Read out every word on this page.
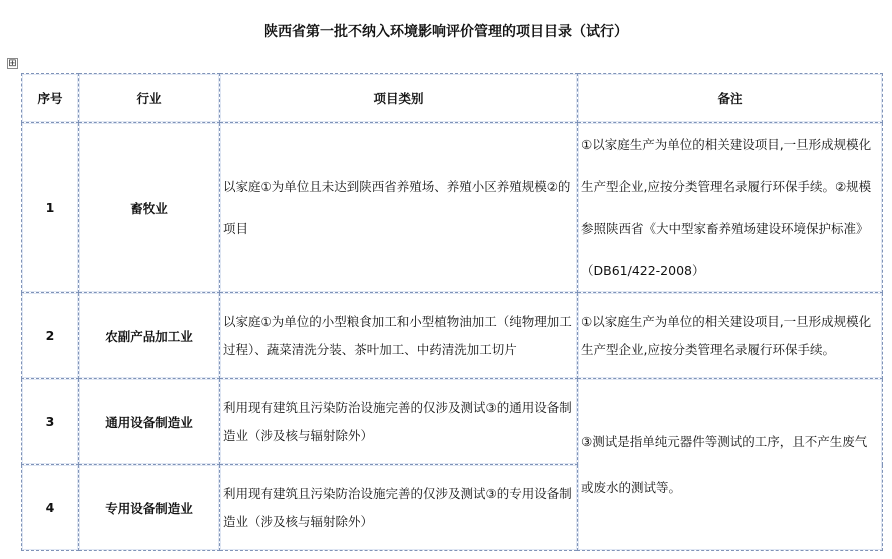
陕西省第一批不纳入环境影响评价管理的项目目录（试行）
⊞
序号	行业	项目类别	备注
1	畜牧业	以家庭①为单位且未达到陕西省养殖场、养殖小区养殖规模②的项目	①以家庭生产为单位的相关建设项目,一旦形成规模化生产型企业,应按分类管理名录履行环保手续。②规模参照陕西省《大中型家畜养殖场建设环境保护标准》（DB61/422-2008）
2	农副产品加工业	以家庭①为单位的小型粮食加工和小型植物油加工（纯物理加工过程）、蔬菜清洗分装、茶叶加工、中药清洗加工切片	①以家庭生产为单位的相关建设项目,一旦形成规模化生产型企业,应按分类管理名录履行环保手续。
3	通用设备制造业	利用现有建筑且污染防治设施完善的仅涉及测试③的通用设备制造业（涉及核与辐射除外）	③测试是指单纯元器件等测试的工序，且不产生废气或废水的测试等。
4	专用设备制造业	利用现有建筑且污染防治设施完善的仅涉及测试③的专用设备制造业（涉及核与辐射除外）	
